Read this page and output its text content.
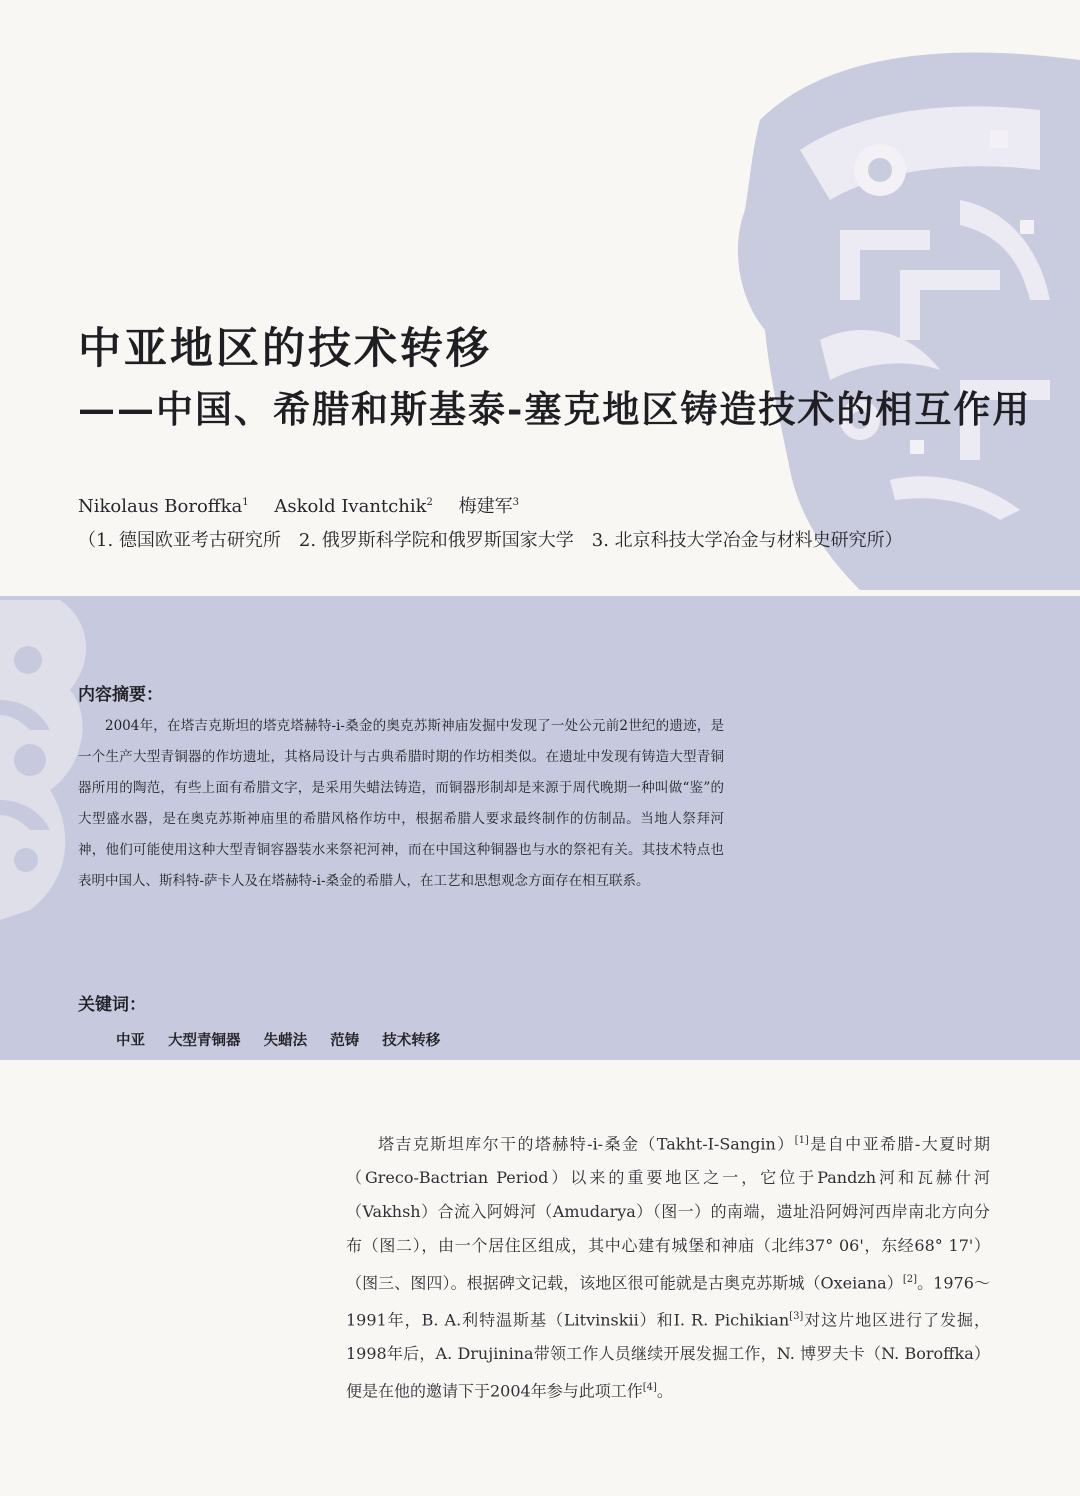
中亚地区的技术转移
——中国、希腊和斯基泰-塞克地区铸造技术的相互作用
Nikolaus Boroffka$^1$ Askold Ivantchik$^2$ 梅建军$^3$
（1. 德国欧亚考古研究所　2. 俄罗斯科学院和俄罗斯国家大学　3. 北京科技大学冶金与材料史研究所）
内容摘要：

2004年，在塔吉克斯坦的塔克塔赫特-i-桑金的奥克苏斯神庙发掘中发现了一处公元前2世纪的遗迹，是一个生产大型青铜器的作坊遗址，其格局设计与古典希腊时期的作坊相类似。在遗址中发现有铸造大型青铜器所用的陶范，有些上面有希腊文字，是采用失蜡法铸造，而铜器形制却是来源于周代晚期一种叫做“鉴”的大型盛水器，是在奥克苏斯神庙里的希腊风格作坊中，根据希腊人要求最终制作的仿制品。当地人祭拜河神，他们可能使用这种大型青铜容器装水来祭祀河神，而在中国这种铜器也与水的祭祀有关。其技术特点也表明中国人、斯科特-萨卡人及在塔赫特-i-桑金的希腊人，在工艺和思想观念方面存在相互联系。

关键词：
中亚 大型青铜器 失蜡法 范铸 技术转移

塔吉克斯坦库尔干的塔赫特-i-桑金（Takht-I-Sangin）[1]是自中亚希腊-大夏时期（Greco-Bactrian Period）以来的重要地区之一，它位于Pandzh河和瓦赫什河（Vakhsh）合流入阿姆河（Amudarya）（图一）的南端，遗址沿阿姆河西岸南北方向分布（图二），由一个居住区组成，其中心建有城堡和神庙（北纬37° 06'，东经68° 17'）（图三、图四）。根据碑文记载，该地区很可能就是古奥克苏斯城（Oxeiana）[2]。1976～1991年，B. A.利特温斯基（Litvinskii）和I. R. Pichikian[3]对这片地区进行了发掘，1998年后，A. Drujinina带领工作人员继续开展发掘工作，N. 博罗夫卡（N. Boroffka）便是在他的邀请下于2004年参与此项工作[4]。
